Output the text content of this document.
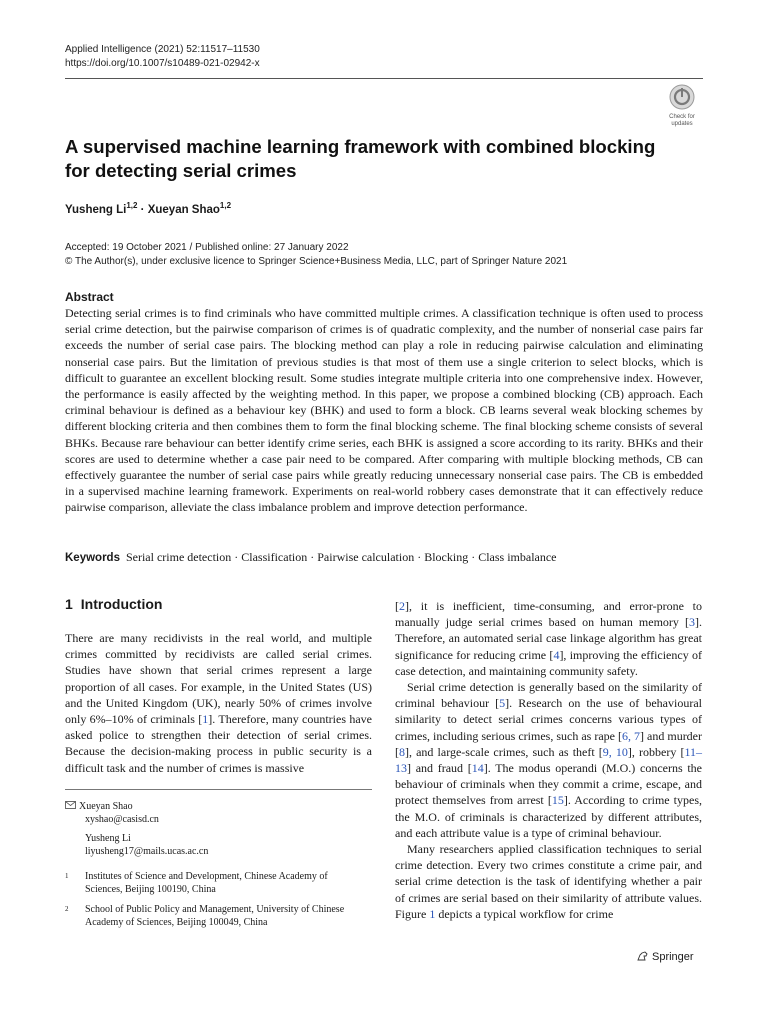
Applied Intelligence (2021) 52:11517–11530
https://doi.org/10.1007/s10489-021-02942-x
Check for
updates
A supervised machine learning framework with combined blocking for detecting serial crimes
Yusheng Li$^{1,2}$ · Xueyan Shao$^{1,2}$
Accepted: 19 October 2021 / Published online: 27 January 2022
© The Author(s), under exclusive licence to Springer Science+Business Media, LLC, part of Springer Nature 2021
Abstract
Detecting serial crimes is to find criminals who have committed multiple crimes. A classification technique is often used to process serial crime detection, but the pairwise comparison of crimes is of quadratic complexity, and the number of nonserial case pairs far exceeds the number of serial case pairs. The blocking method can play a role in reducing pairwise calculation and eliminating nonserial case pairs. But the limitation of previous studies is that most of them use a single criterion to select blocks, which is difficult to guarantee an excellent blocking result. Some studies integrate multiple criteria into one comprehensive index. However, the performance is easily affected by the weighting method. In this paper, we propose a combined blocking (CB) approach. Each criminal behaviour is defined as a behaviour key (BHK) and used to form a block. CB learns several weak blocking schemes by different blocking criteria and then combines them to form the final blocking scheme. The final blocking scheme consists of several BHKs. Because rare behaviour can better identify crime series, each BHK is assigned a score according to its rarity. BHKs and their scores are used to determine whether a case pair need to be compared. After comparing with multiple blocking methods, CB can effectively guarantee the number of serial case pairs while greatly reducing unnecessary nonserial case pairs. The CB is embedded in a supervised machine learning framework. Experiments on real-world robbery cases demonstrate that it can effectively reduce pairwise comparison, alleviate the class imbalance problem and improve detection performance.
Keywords Serial crime detection · Classification · Pairwise calculation · Blocking · Class imbalance
1 Introduction

There are many recidivists in the real world, and multiple crimes committed by recidivists are called serial crimes. Studies have shown that serial crimes represent a large proportion of all cases. For example, in the United States (US) and the United Kingdom (UK), nearly 50% of crimes involve only 6%–10% of criminals [1]. Therefore, many countries have asked police to strengthen their detection of serial crimes. Because the decision-making process in public security is a difficult task and the number of crimes is massive

[2], it is inefficient, time-consuming, and error-prone to manually judge serial crimes based on human memory [3]. Therefore, an automated serial case linkage algorithm has great significance for reducing crime [4], improving the efficiency of case detection, and maintaining community safety.

Serial crime detection is generally based on the similarity of criminal behaviour [5]. Research on the use of behavioural similarity to detect serial crimes concerns various types of crimes, including serious crimes, such as rape [6, 7] and murder [8], and large-scale crimes, such as theft [9, 10], robbery [11–13] and fraud [14]. The modus operandi (M.O.) concerns the behaviour of criminals when they commit a crime, escape, and protect themselves from arrest [15]. According to crime types, the M.O. of criminals is characterized by different attributes, and each attribute value is a type of criminal behaviour.

Many researchers applied classification techniques to serial crime detection. Every two crimes constitute a crime pair, and serial crime detection is the task of identifying whether a pair of crimes are serial based on their similarity of attribute values. Figure 1 depicts a typical workflow for crime

Xueyan Shao
xyshao@casisd.cn
Yusheng Li
liyusheng17@mails.ucas.ac.cn
1 Institutes of Science and Development, Chinese Academy of Sciences, Beijing 100190, China
2 School of Public Policy and Management, University of Chinese Academy of Sciences, Beijing 100049, China
Springer
